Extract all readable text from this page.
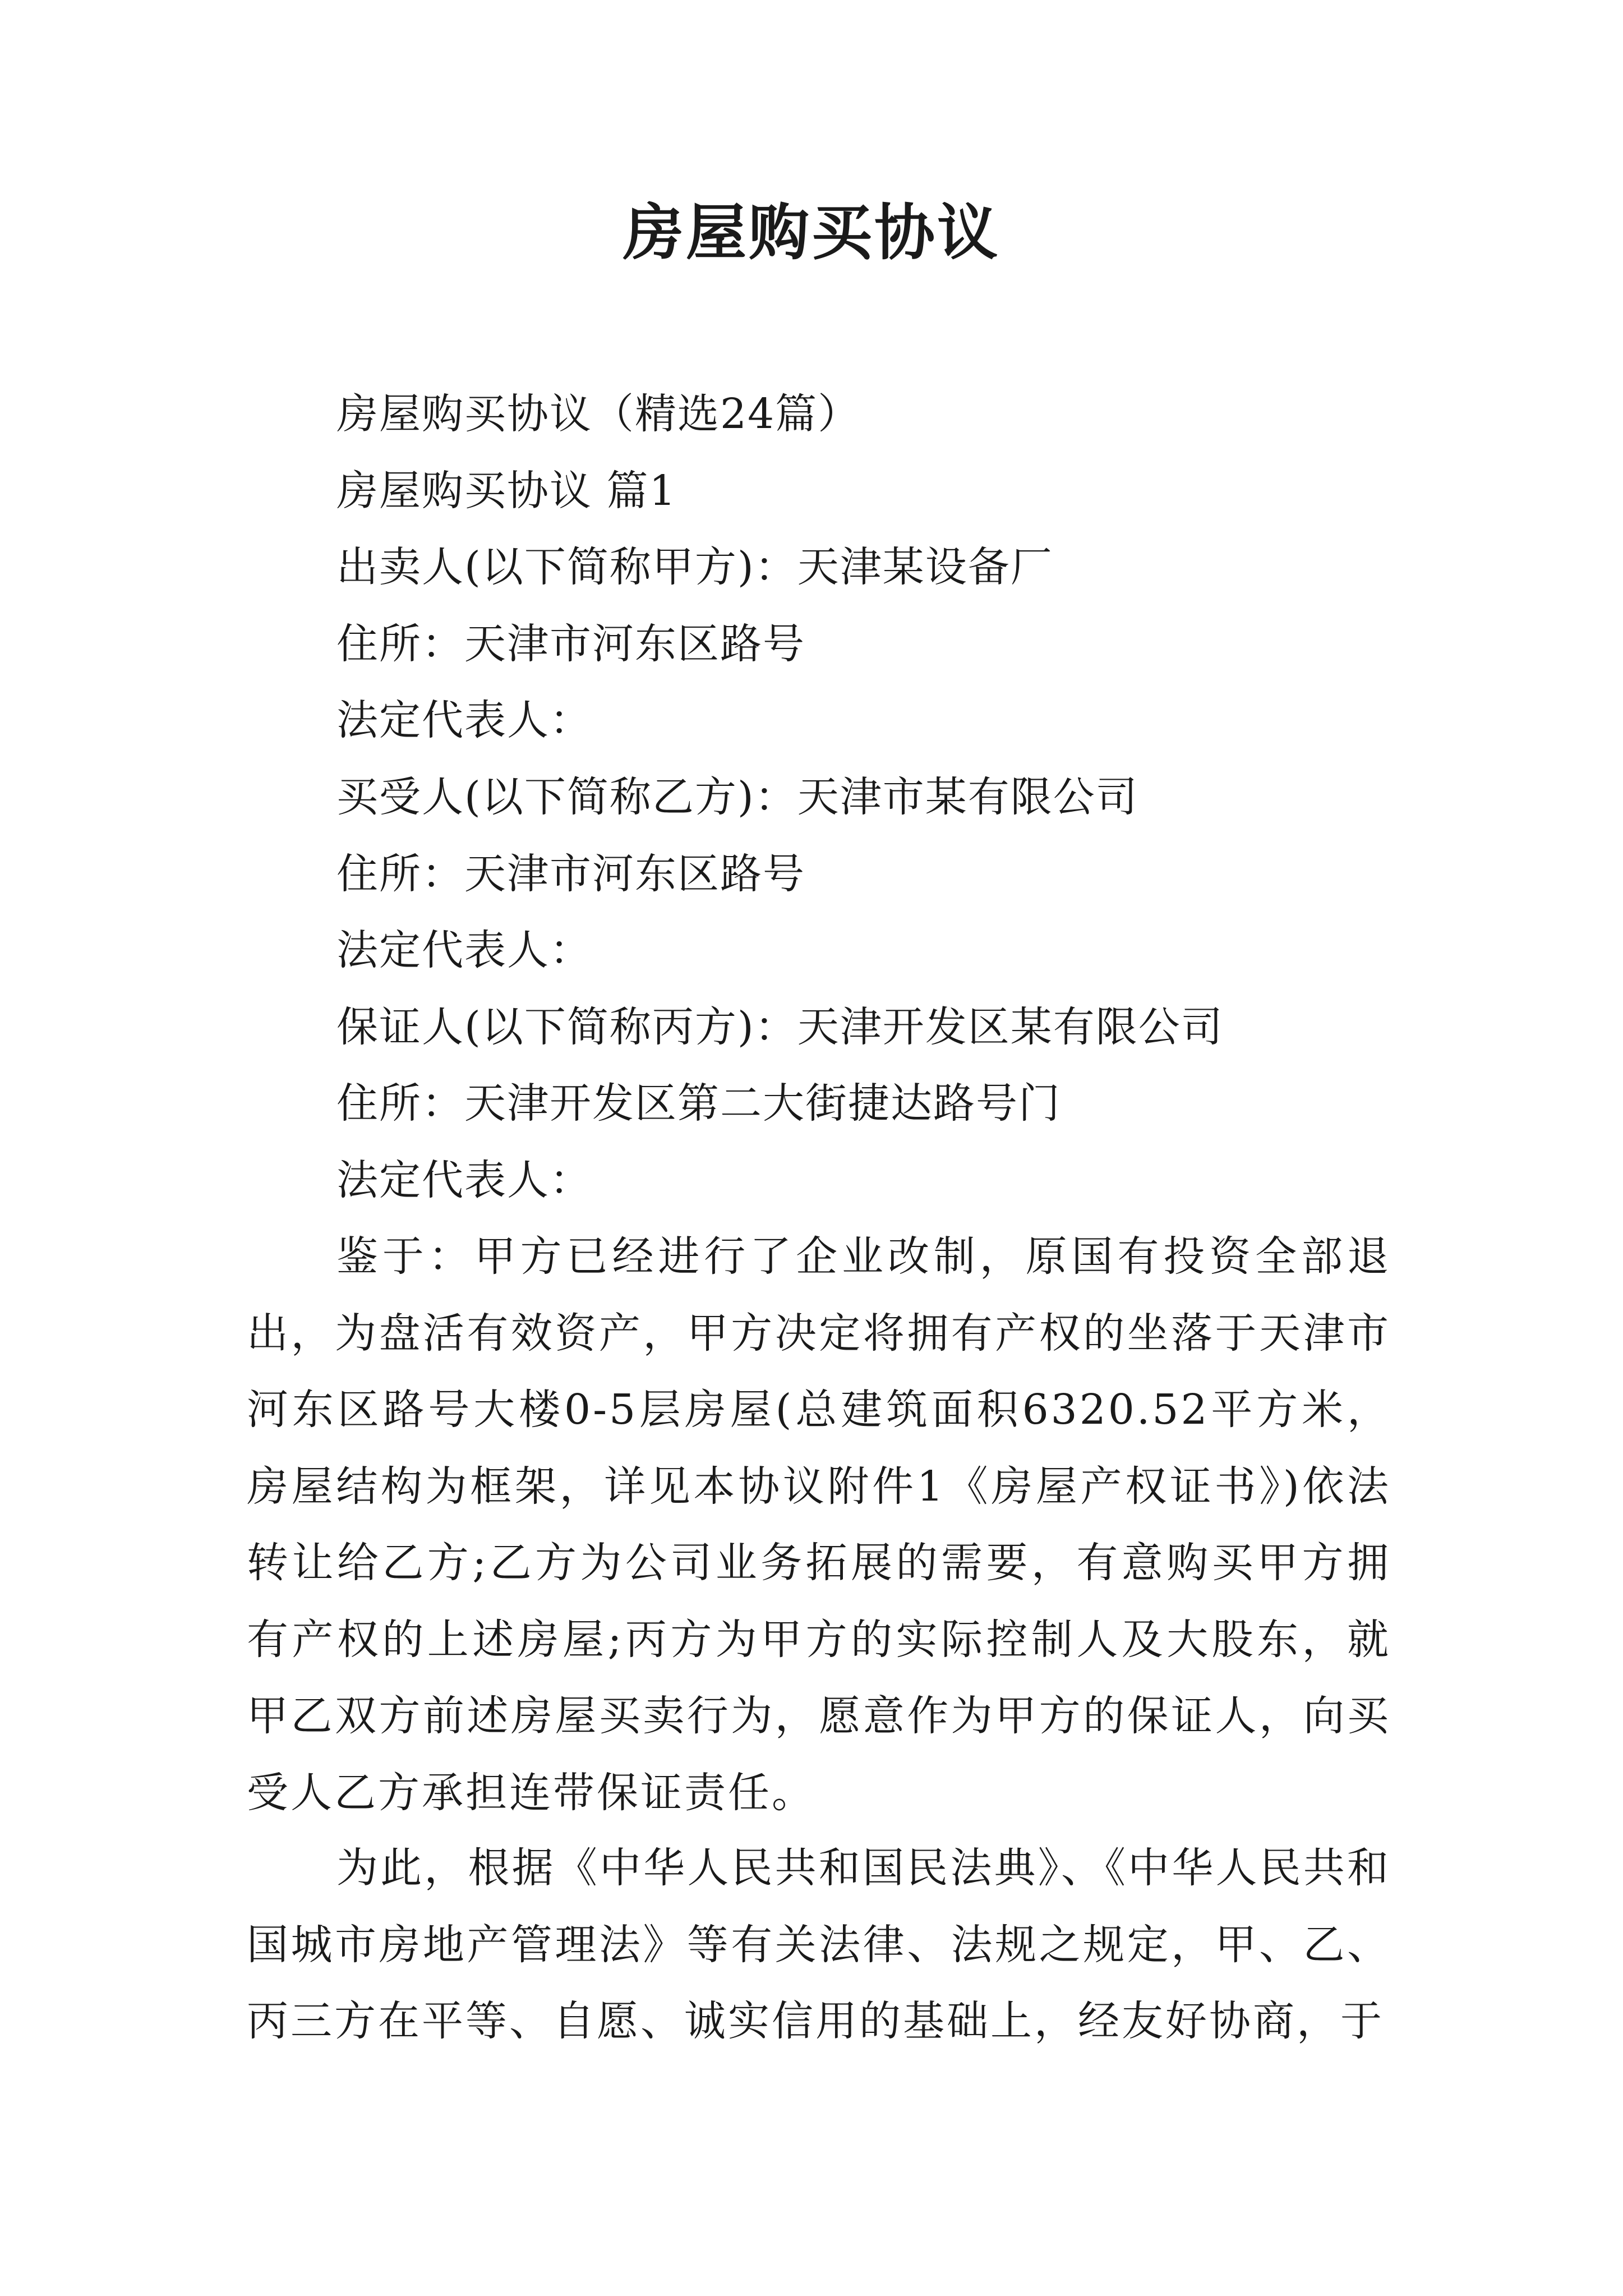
房屋购买协议
房屋购买协议（精选24篇）
房屋购买协议 篇1
出卖人(以下简称甲方)：天津某设备厂
住所：天津市河东区路号
法定代表人：
买受人(以下简称乙方)：天津市某有限公司
住所：天津市河东区路号
法定代表人：
保证人(以下简称丙方)：天津开发区某有限公司
住所：天津开发区第二大街捷达路号门
法定代表人：

鉴于：甲方已经进行了企业改制，原国有投资全部退出，为盘活有效资产，甲方决定将拥有产权的坐落于天津市河东区路号大楼0-5层房屋(总建筑面积6320.52平方米，房屋结构为框架，详见本协议附件1《房屋产权证书》)依法转让给乙方;乙方为公司业务拓展的需要，有意购买甲方拥有产权的上述房屋;丙方为甲方的实际控制人及大股东，就甲乙双方前述房屋买卖行为，愿意作为甲方的保证人，向买受人乙方承担连带保证责任。

为此，根据《中华人民共和国民法典》、《中华人民共和国城市房地产管理法》等有关法律、法规之规定，甲、乙、丙三方在平等、自愿、诚实信用的基础上，经友好协商，于
